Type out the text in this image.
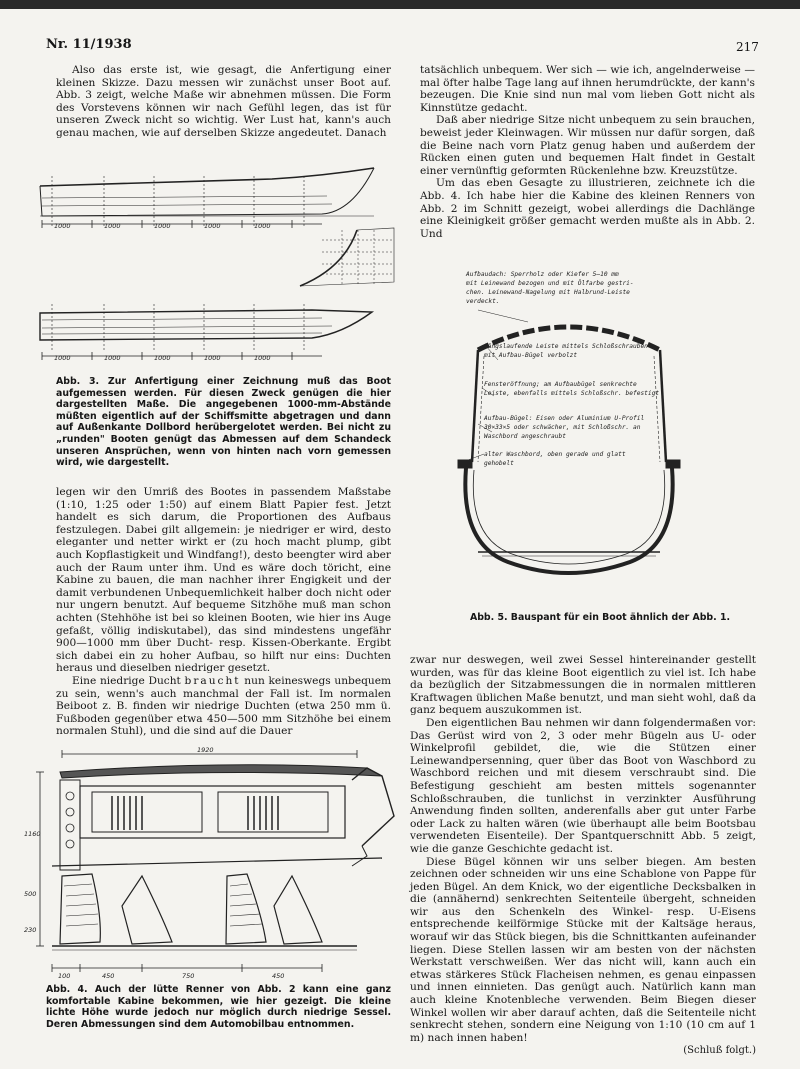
Nr. 11/1938	217

Also das erste ist, wie gesagt, die Anfertigung einer kleinen Skizze. Dazu messen wir zunächst unser Boot auf. Abb. 3 zeigt, welche Maße wir abnehmen müssen. Die Form des Vorstevens können wir nach Gefühl legen, das ist für unseren Zweck nicht so wichtig. Wer Lust hat, kann's auch genau machen, wie auf derselben Skizze angedeutet. Danach

1000	1000	1000	1000	1000
1000	1000	1000	1000	1000
Abb. 3. Zur Anfertigung einer Zeichnung muß das Boot aufgemessen werden. Für diesen Zweck genügen die hier dargestellten Maße. Die angegebenen 1000-mm-Abstände müßten eigentlich auf der Schiffsmitte abgetragen und dann auf Außenkante Dollbord herübergelotet werden. Bei nicht zu „runden" Booten genügt das Abmessen auf dem Schandeck unseren Ansprüchen, wenn von hinten nach vorn gemessen wird, wie dargestellt.

legen wir den Umriß des Bootes in passendem Maßstabe (1:10, 1:25 oder 1:50) auf einem Blatt Papier fest. Jetzt handelt es sich darum, die Proportionen des Aufbaus festzulegen. Dabei gilt allgemein: je niedriger er wird, desto eleganter und netter wirkt er (zu hoch macht plump, gibt auch Kopflastigkeit und Windfang!), desto beengter wird aber auch der Raum unter ihm. Und es wäre doch töricht, eine Kabine zu bauen, die man nachher ihrer Engigkeit und der damit verbundenen Unbequemlichkeit halber doch nicht oder nur ungern benutzt. Auf bequeme Sitzhöhe muß man schon achten (Stehhöhe ist bei so kleinen Booten, wie hier ins Auge gefaßt, völlig indiskutabel), das sind mindestens ungefähr 900—1000 mm über Ducht- resp. Kissen-Oberkante. Ergibt sich dabei ein zu hoher Aufbau, so hilft nur eins: Duchten heraus und dieselben niedriger gesetzt.

Eine niedrige Ducht braucht nun keineswegs unbequem zu sein, wenn's auch manchmal der Fall ist. Im normalen Beiboot z. B. finden wir niedrige Duchten (etwa 250 mm ü. Fußboden gegenüber etwa 450—500 mm Sitzhöhe bei einem normalen Stuhl), und die sind auf die Dauer

1920
1160
500
230
100	450	750	450
Abb. 4. Auch der lütte Renner von Abb. 2 kann eine ganz komfortable Kabine bekommen, wie hier gezeigt. Die kleine lichte Höhe wurde jedoch nur möglich durch niedrige Sessel. Deren Abmessungen sind dem Automobilbau entnommen.

tatsächlich unbequem. Wer sich — wie ich, angelnderweise — mal öfter halbe Tage lang auf ihnen herumdrückte, der kann's bezeugen. Die Knie sind nun mal vom lieben Gott nicht als Kinnstütze gedacht.

Daß aber niedrige Sitze nicht unbequem zu sein brauchen, beweist jeder Kleinwagen. Wir müssen nur dafür sorgen, daß die Beine nach vorn Platz genug haben und außerdem der Rücken einen guten und bequemen Halt findet in Gestalt einer vernünftig geformten Rückenlehne bzw. Kreuzstütze.

Um das eben Gesagte zu illustrieren, zeichnete ich die Abb. 4. Ich habe hier die Kabine des kleinen Renners von Abb. 2 im Schnitt gezeigt, wobei allerdings die Dachlänge eine Kleinigkeit größer gemacht werden mußte als in Abb. 2. Und

Aufbaudach: Sperrholz oder Kiefer 5–10 mm
mit Leinewand bezogen und mit Ölfarbe gestri-
chen. Leinewand-Nagelung mit Halbrund-Leiste
verdeckt.
Längslaufende Leiste mittels Schloßschrauben
mit Aufbau-Bügel verbolzt
Fensteröffnung; am Aufbaubügel senkrechte
Leiste, ebenfalls mittels Schloßschr. befestigt
Aufbau-Bügel: Eisen oder Aluminium U-Profil
30×33×5 oder schwächer, mit Schloßschr. an
Waschbord angeschraubt
alter Waschbord, oben gerade und glatt
gehobelt
Abb. 5. Bauspant für ein Boot ähnlich der Abb. 1.

zwar nur deswegen, weil zwei Sessel hintereinander gestellt wurden, was für das kleine Boot eigentlich zu viel ist. Ich habe da bezüglich der Sitzabmessungen die in normalen mittleren Kraftwagen üblichen Maße benutzt, und man sieht wohl, daß da ganz bequem auszukommen ist.

Den eigentlichen Bau nehmen wir dann folgendermaßen vor: Das Gerüst wird von 2, 3 oder mehr Bügeln aus U- oder Winkelprofil gebildet, die, wie die Stützen einer Leinewandpersenning, quer über das Boot von Waschbord zu Waschbord reichen und mit diesem verschraubt sind. Die Befestigung geschieht am besten mittels sogenannter Schloßschrauben, die tunlichst in verzinkter Ausführung Anwendung finden sollten, anderenfalls aber gut unter Farbe oder Lack zu halten wären (wie überhaupt alle beim Bootsbau verwendeten Eisenteile). Der Spantquerschnitt Abb. 5 zeigt, wie die ganze Geschichte gedacht ist.

Diese Bügel können wir uns selber biegen. Am besten zeichnen oder schneiden wir uns eine Schablone von Pappe für jeden Bügel. An dem Knick, wo der eigentliche Decksbalken in die (annähernd) senkrechten Seitenteile übergeht, schneiden wir aus den Schenkeln des Winkel- resp. U-Eisens entsprechende keilförmige Stücke mit der Kaltsäge heraus, worauf wir das Stück biegen, bis die Schnittkanten aufeinander liegen. Diese Stellen lassen wir am besten von der nächsten Werkstatt verschweißen. Wer das nicht will, kann auch ein etwas stärkeres Stück Flacheisen nehmen, es genau einpassen und innen einnieten. Das genügt auch. Natürlich kann man auch kleine Knotenbleche verwenden. Beim Biegen dieser Winkel wollen wir aber darauf achten, daß die Seitenteile nicht senkrecht stehen, sondern eine Neigung von 1:10 (10 cm auf 1 m) nach innen haben!

(Schluß folgt.)
